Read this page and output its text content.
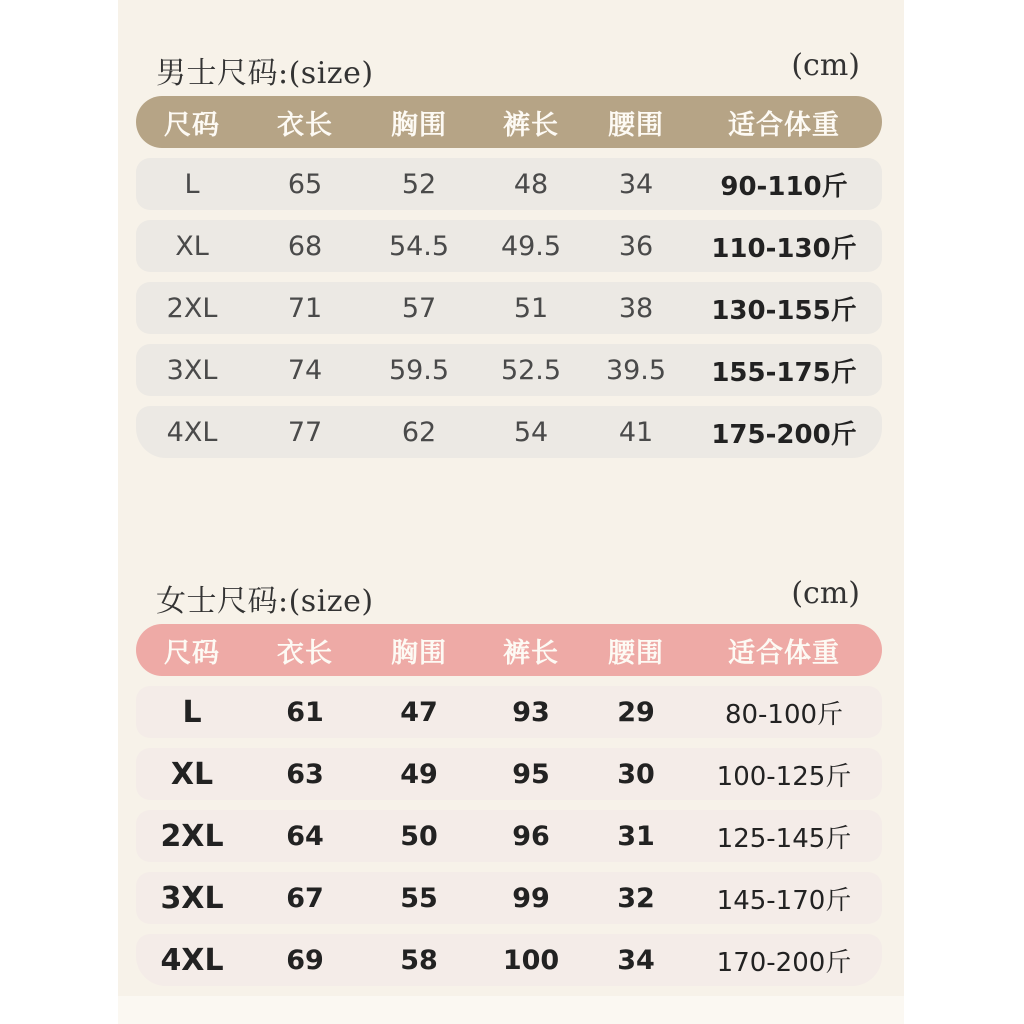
男士尺码:(size)	(cm)
尺码	衣长	胸围	裤长	腰围	适合体重
L	65	52	48	34	90-110斤
XL	68	54.5	49.5	36	110-130斤
2XL	71	57	51	38	130-155斤
3XL	74	59.5	52.5	39.5	155-175斤
4XL	77	62	54	41	175-200斤
女士尺码:(size)	(cm)
尺码	衣长	胸围	裤长	腰围	适合体重
L	61	47	93	29	80-100斤
XL	63	49	95	30	100-125斤
2XL	64	50	96	31	125-145斤
3XL	67	55	99	32	145-170斤
4XL	69	58	100	34	170-200斤
